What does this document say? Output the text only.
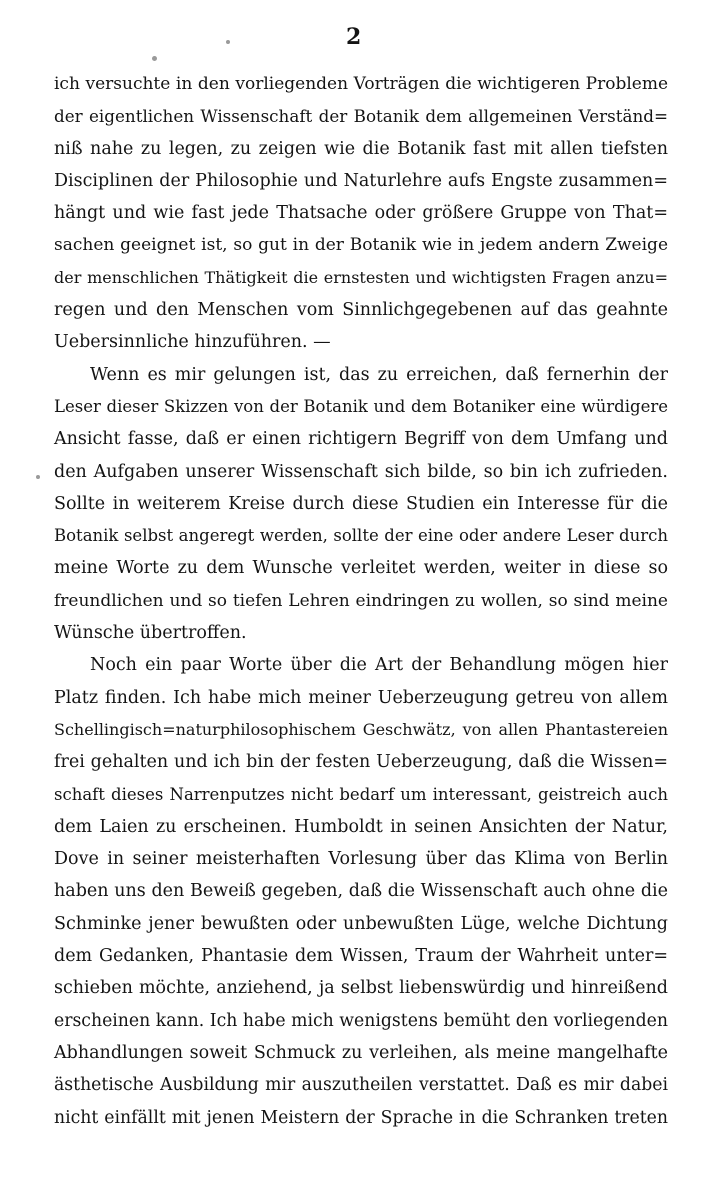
2
ich versuchte in den vorliegenden Vorträgen die wichtigeren Probleme
der eigentlichen Wissenschaft der Botanik dem allgemeinen Verständ=
niß nahe zu legen, zu zeigen wie die Botanik fast mit allen tiefsten
Disciplinen der Philosophie und Naturlehre aufs Engste zusammen=
hängt und wie fast jede Thatsache oder größere Gruppe von That=
sachen geeignet ist, so gut in der Botanik wie in jedem andern Zweige
der menschlichen Thätigkeit die ernstesten und wichtigsten Fragen anzu=
regen und den Menschen vom Sinnlichgegebenen auf das geahnte
Uebersinnliche hinzuführen. —
Wenn es mir gelungen ist, das zu erreichen, daß fernerhin der
Leser dieser Skizzen von der Botanik und dem Botaniker eine würdigere
Ansicht fasse, daß er einen richtigern Begriff von dem Umfang und
den Aufgaben unserer Wissenschaft sich bilde, so bin ich zufrieden.
Sollte in weiterem Kreise durch diese Studien ein Interesse für die
Botanik selbst angeregt werden, sollte der eine oder andere Leser durch
meine Worte zu dem Wunsche verleitet werden, weiter in diese so
freundlichen und so tiefen Lehren eindringen zu wollen, so sind meine
Wünsche übertroffen.
Noch ein paar Worte über die Art der Behandlung mögen hier
Platz finden. Ich habe mich meiner Ueberzeugung getreu von allem
Schellingisch=naturphilosophischem Geschwätz, von allen Phantastereien
frei gehalten und ich bin der festen Ueberzeugung, daß die Wissen=
schaft dieses Narrenputzes nicht bedarf um interessant, geistreich auch
dem Laien zu erscheinen. Humboldt in seinen Ansichten der Natur,
Dove in seiner meisterhaften Vorlesung über das Klima von Berlin
haben uns den Beweiß gegeben, daß die Wissenschaft auch ohne die
Schminke jener bewußten oder unbewußten Lüge, welche Dichtung
dem Gedanken, Phantasie dem Wissen, Traum der Wahrheit unter=
schieben möchte, anziehend, ja selbst liebenswürdig und hinreißend
erscheinen kann. Ich habe mich wenigstens bemüht den vorliegenden
Abhandlungen soweit Schmuck zu verleihen, als meine mangelhafte
ästhetische Ausbildung mir auszutheilen verstattet. Daß es mir dabei
nicht einfällt mit jenen Meistern der Sprache in die Schranken treten
